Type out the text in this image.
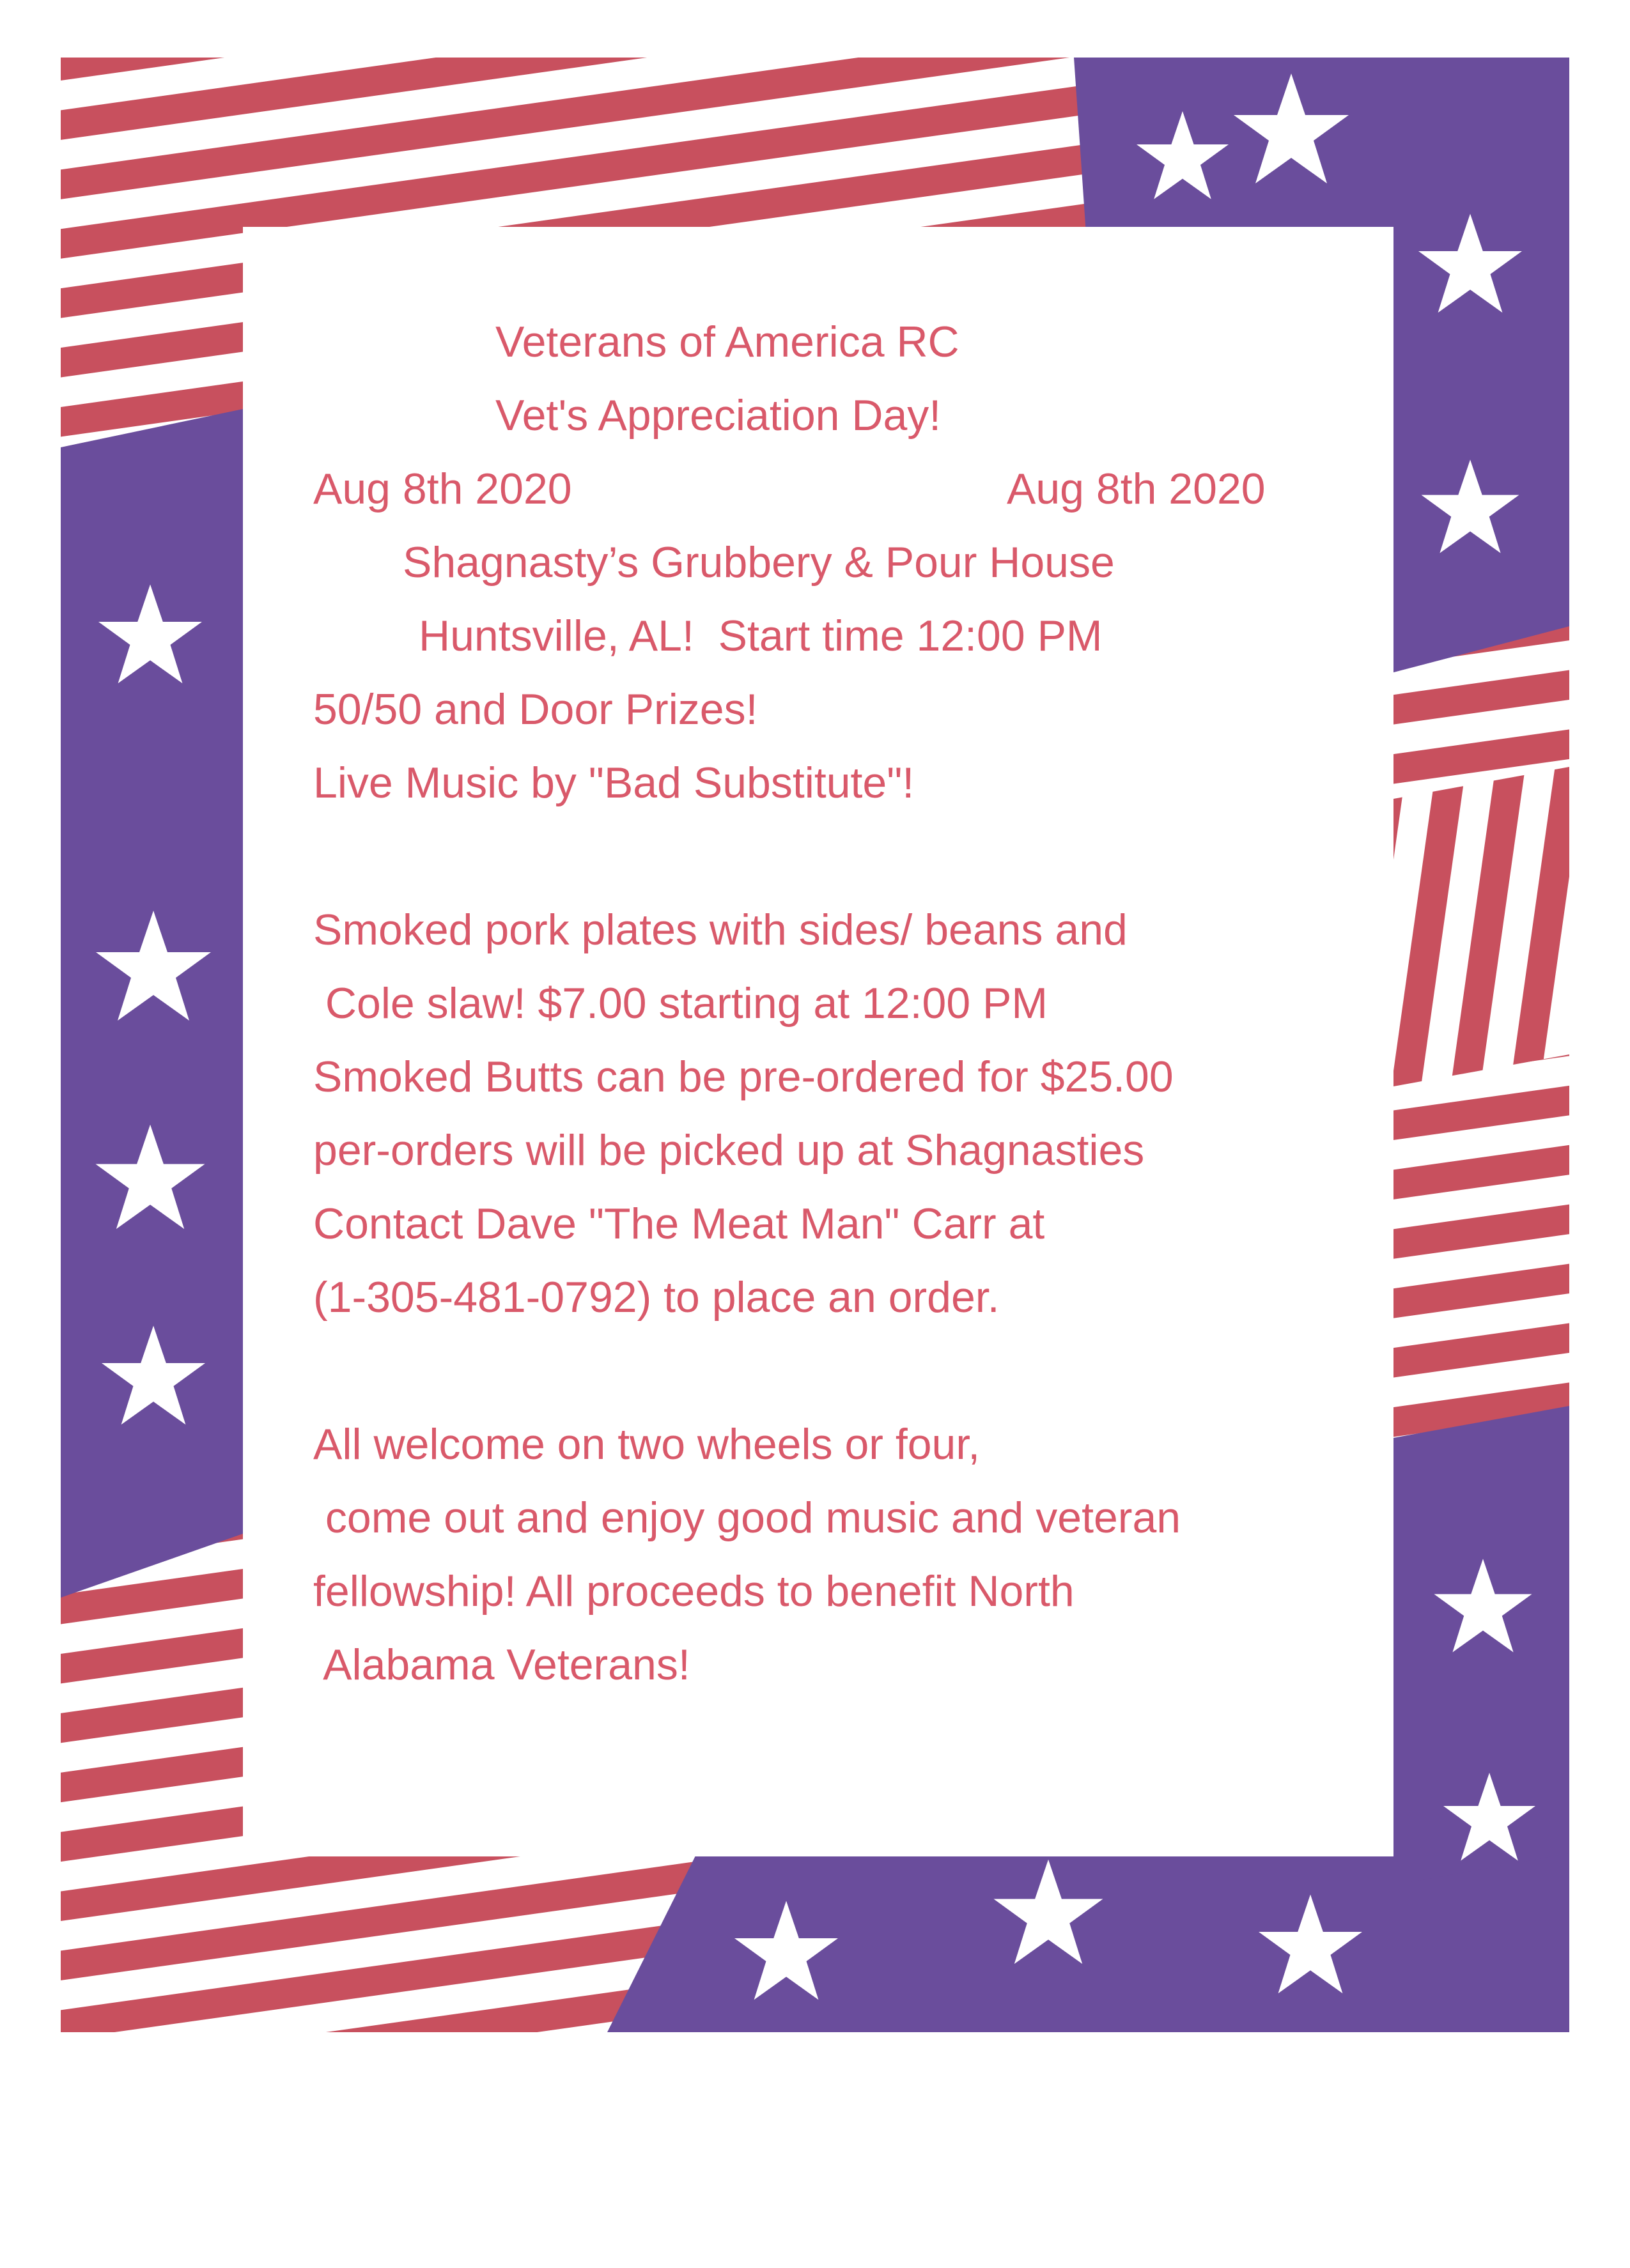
Veterans of America RC
Vet's Appreciation Day!
Aug 8th 2020	Aug 8th 2020
Shagnasty’s Grubbery & Pour House
Huntsville, AL!  Start time 12:00 PM
50/50 and Door Prizes!
Live Music by "Bad Substitute"!
Smoked pork plates with sides/ beans and
Cole slaw! $7.00 starting at 12:00 PM
Smoked Butts can be pre-ordered for $25.00
per-orders will be picked up at Shagnasties
Contact Dave "The Meat Man" Carr at
(1-305-481-0792) to place an order.
All welcome on two wheels or four,
come out and enjoy good music and veteran
fellowship! All proceeds to benefit North
Alabama Veterans!
